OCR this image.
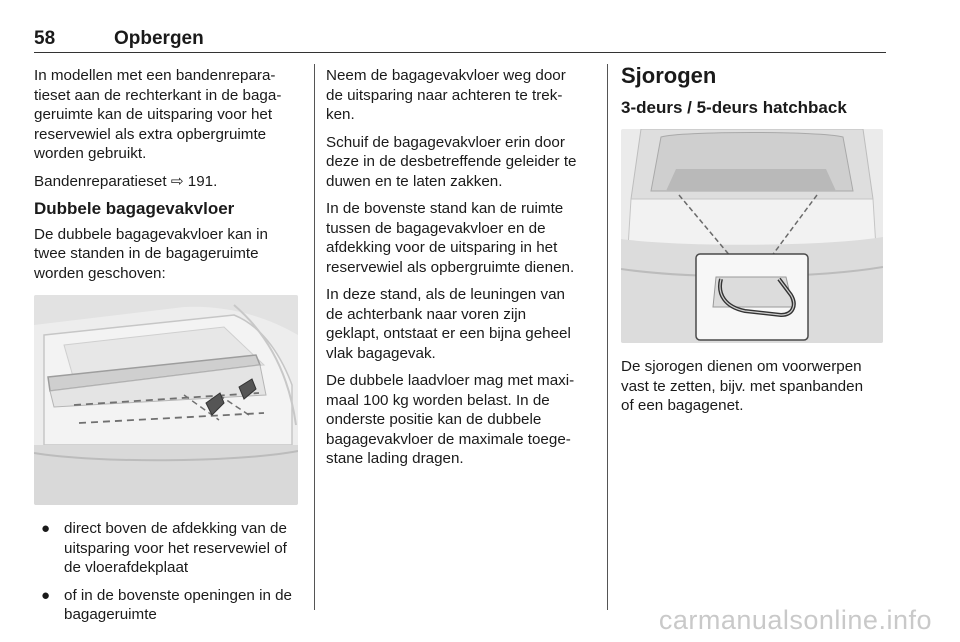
58	Opbergen

In modellen met een bandenrepara-
tieset aan de rechterkant in de baga-
geruimte kan de uitsparing voor het
reservewiel als extra opbergruimte
worden gebruikt.

Bandenreparatieset ⇨ 191.

Dubbele bagagevakvloer

De dubbele bagagevakvloer kan in
twee standen in de bagageruimte
worden geschoven:

● direct boven de afdekking van de
uitsparing voor het reservewiel of
de vloerafdekplaat
● of in de bovenste openingen in de
bagageruimte

Neem de bagagevakvloer weg door
de uitsparing naar achteren te trek-
ken.

Schuif de bagagevakvloer erin door
deze in de desbetreffende geleider te
duwen en te laten zakken.

In de bovenste stand kan de ruimte
tussen de bagagevakvloer en de
afdekking voor de uitsparing in het
reservewiel als opbergruimte dienen.

In deze stand, als de leuningen van
de achterbank naar voren zijn
geklapt, ontstaat er een bijna geheel
vlak bagagevak.

De dubbele laadvloer mag met maxi-
maal 100 kg worden belast. In de
onderste positie kan de dubbele
bagagevakvloer de maximale toege-
stane lading dragen.

Sjorogen
3-deurs / 5-deurs hatchback

De sjorogen dienen om voorwerpen
vast te zetten, bijv. met spanbanden
of een bagagenet.

carmanualsonline.info
